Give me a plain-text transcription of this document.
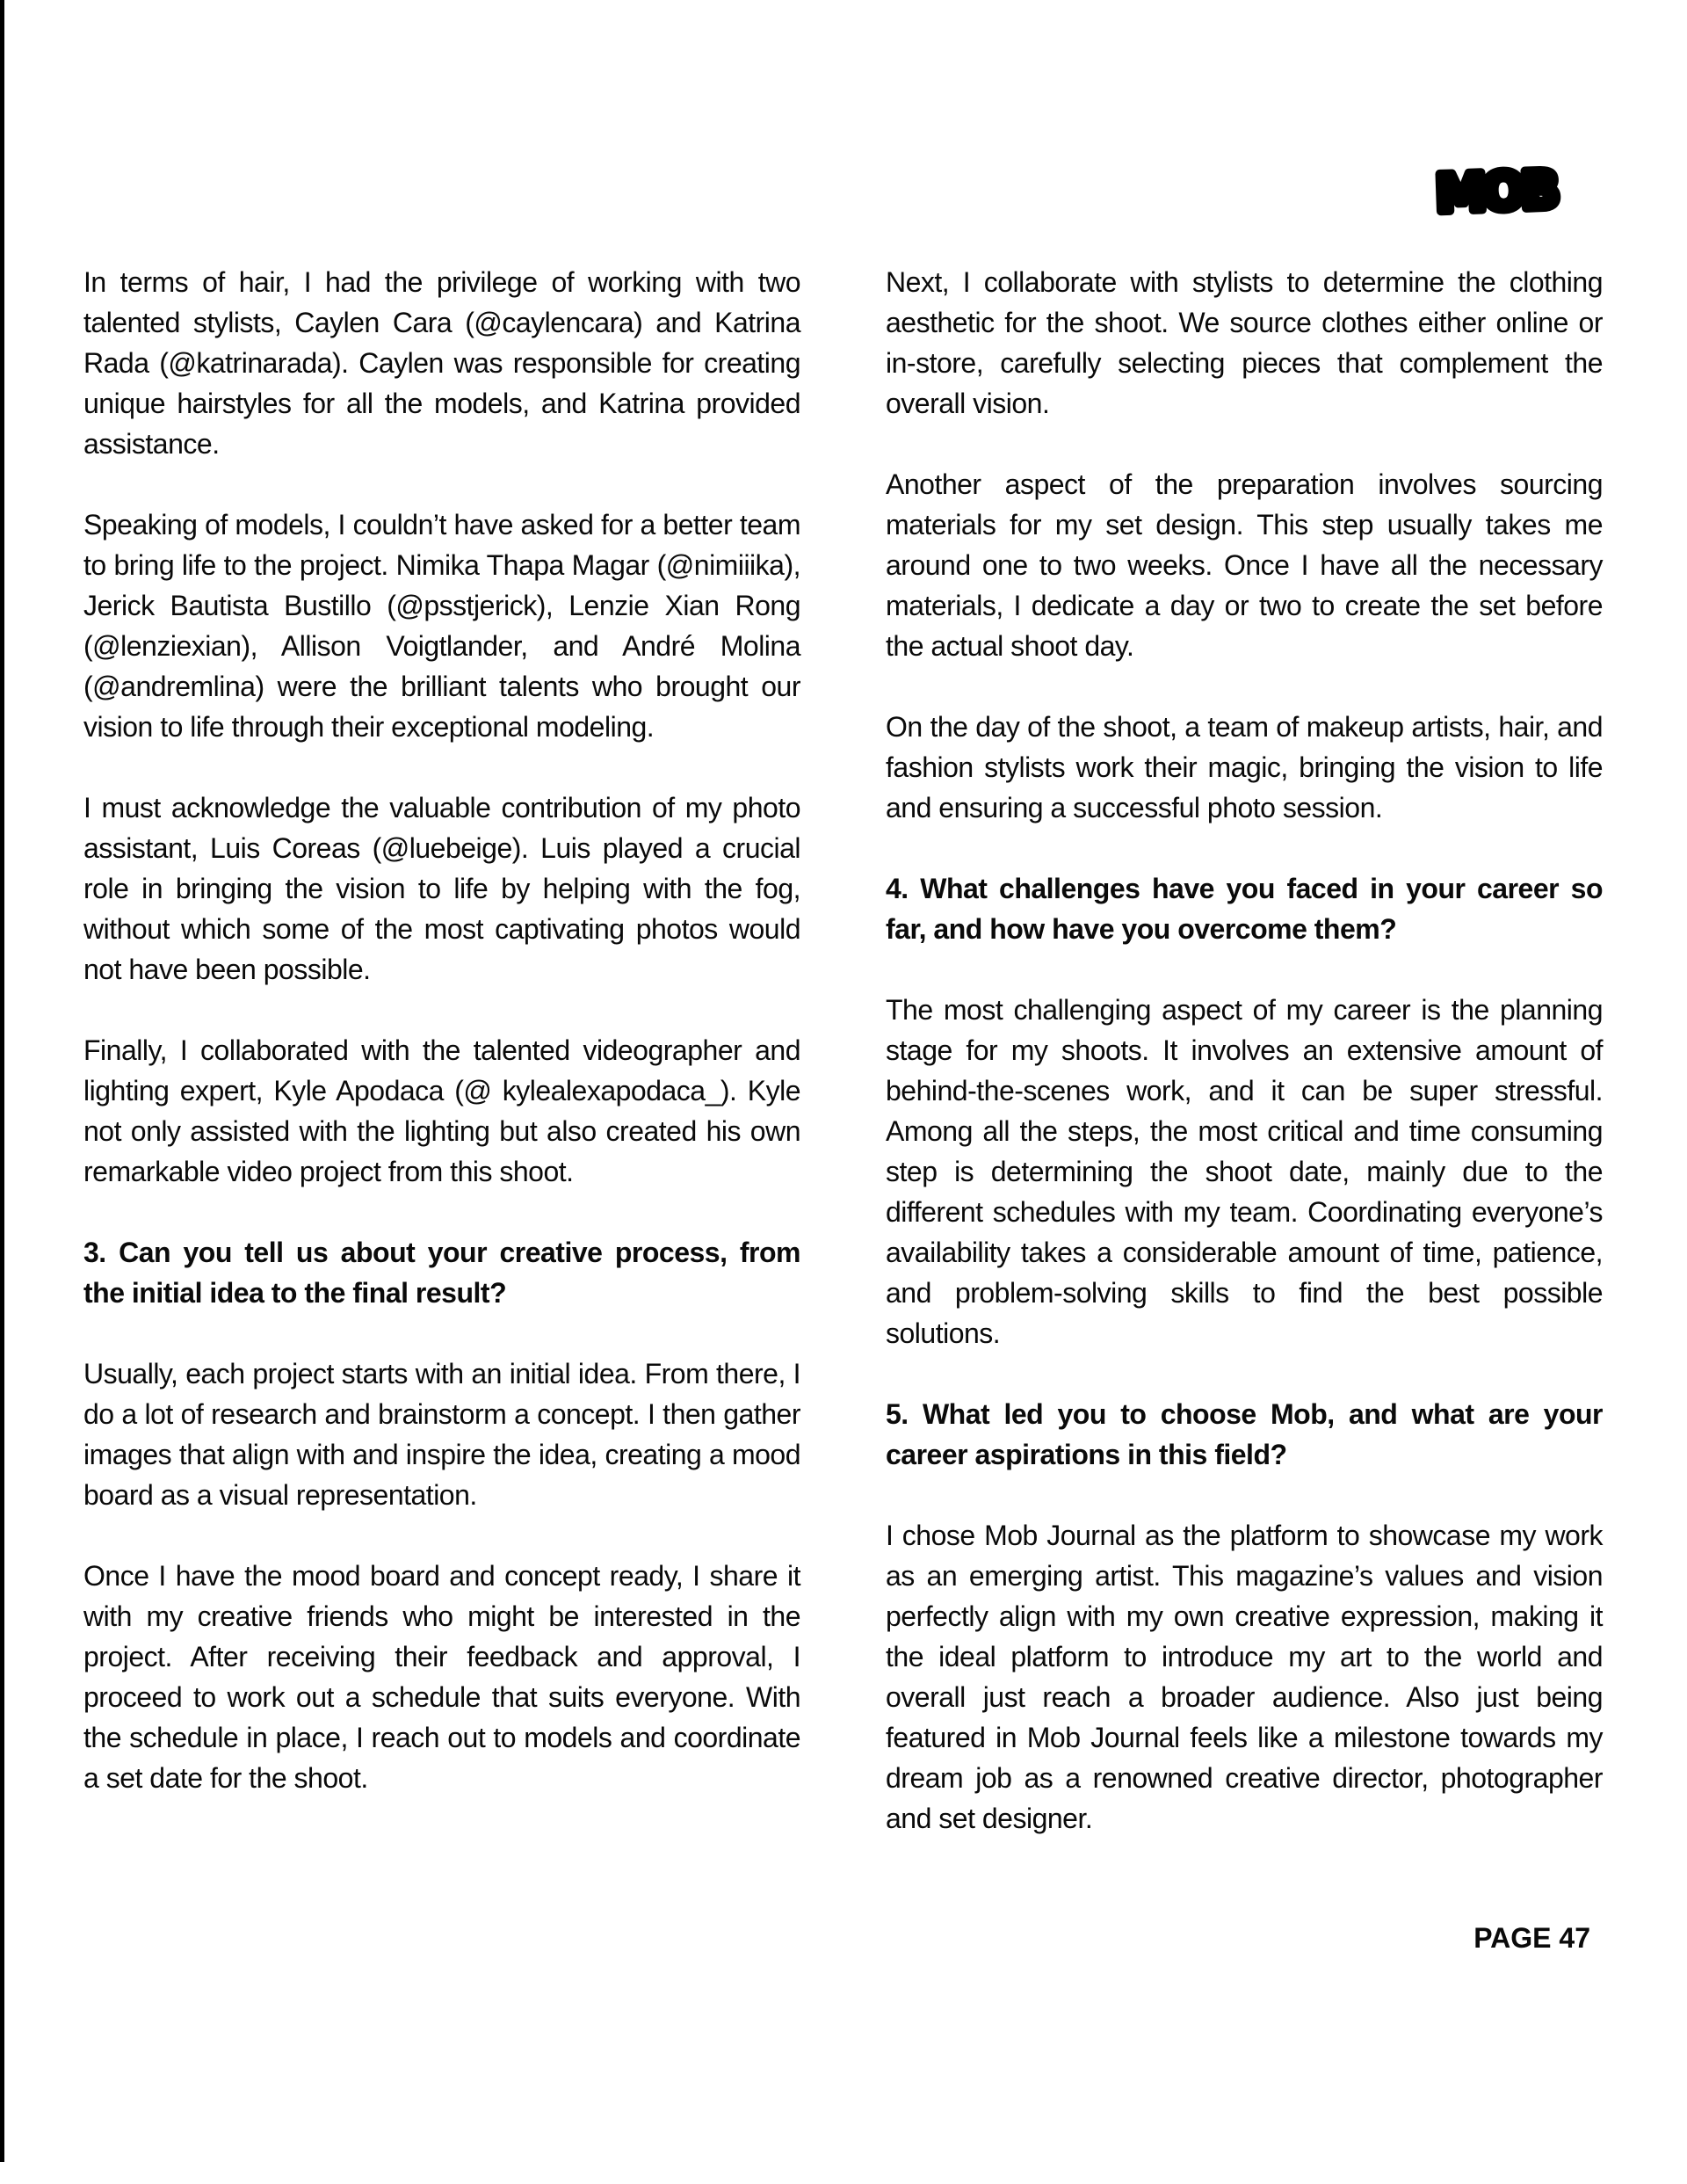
MOB

In terms of hair, I had the privilege of working with two talented stylists, Caylen Cara (@caylencara) and Katrina Rada (@katrinarada). Caylen was responsible for creating unique hairstyles for all the models, and Katrina provided assistance.

Speaking of models, I couldn’t have asked for a better team to bring life to the project. Nimika Thapa Magar (@nimiiika), Jerick Bautista Bustillo (@psstjerick), Lenzie Xian Rong (@lenziexian), Allison Voigtlander, and André Molina (@andremlina) were the brilliant talents who brought our vision to life through their exceptional modeling.

I must acknowledge the valuable contribution of my photo assistant, Luis Coreas (@luebeige). Luis played a crucial role in bringing the vision to life by helping with the fog, without which some of the most captivating photos would not have been possible.

Finally, I collaborated with the talented videographer and lighting expert, Kyle Apodaca (@ kylealexapodaca_). Kyle not only assisted with the lighting but also created his own remarkable video project from this shoot.

3. Can you tell us about your creative process, from the initial idea to the final result?

Usually, each project starts with an initial idea. From there, I do a lot of research and brainstorm a concept. I then gather images that align with and inspire the idea, creating a mood board as a visual representation.

Once I have the mood board and concept ready, I share it with my creative friends who might be interested in the project. After receiving their feedback and approval, I proceed to work out a schedule that suits everyone. With the schedule in place, I reach out to models and coordinate a set date for the shoot.

Next, I collaborate with stylists to determine the clothing aesthetic for the shoot. We source clothes either online or in-store, carefully selecting pieces that complement the overall vision.

Another aspect of the preparation involves sourcing materials for my set design. This step usually takes me around one to two weeks. Once I have all the necessary materials, I dedicate a day or two to create the set before the actual shoot day.

On the day of the shoot, a team of makeup artists, hair, and fashion stylists work their magic, bringing the vision to life and ensuring a successful photo session.

4. What challenges have you faced in your career so far, and how have you overcome them?

The most challenging aspect of my career is the planning stage for my shoots. It involves an extensive amount of behind-the-scenes work, and it can be super stressful. Among all the steps, the most critical and time consuming step is determining the shoot date, mainly due to the different schedules with my team. Coordinating everyone’s availability takes a considerable amount of time, patience, and problem-solving skills to find the best possible solutions.

5. What led you to choose Mob, and what are your career aspirations in this field?

I chose Mob Journal as the platform to showcase my work as an emerging artist. This magazine’s values and vision perfectly align with my own creative expression, making it the ideal platform to introduce my art to the world and overall just reach a broader audience. Also just being featured in Mob Journal feels like a milestone towards my dream job as a renowned creative director, photographer and set designer.

PAGE 47
